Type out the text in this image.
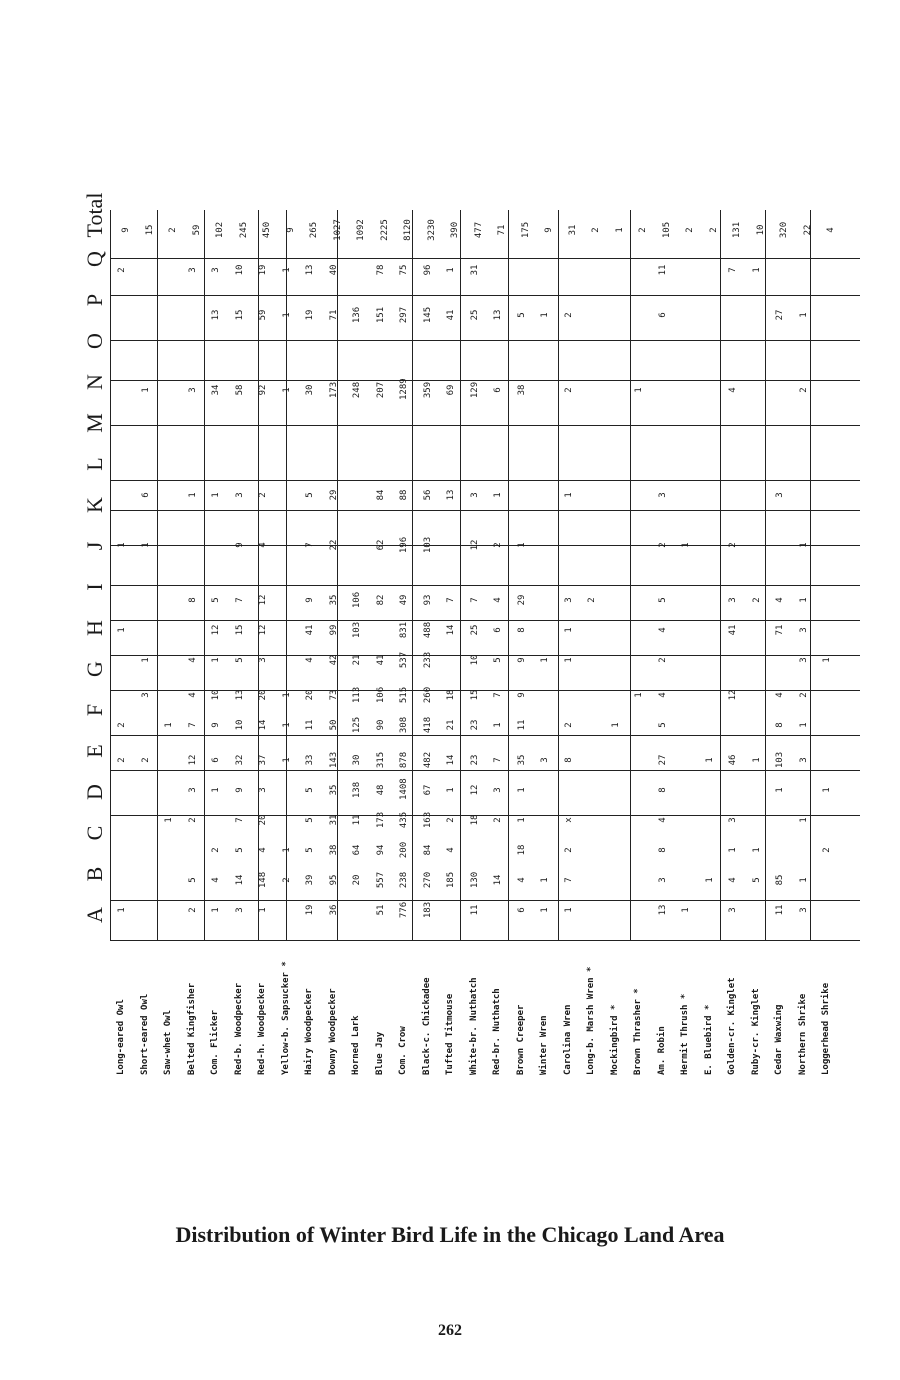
A
B
C
D
E
F
G
H
I
J
K
L
M
N
O
P
Q
Total
Long-eared Owl
1
2
2
1
1
2
9
Short-eared Owl
2
3
1
1
6
1
15
Saw-whet Owl
1
1
2
Belted Kingfisher
2
5
2
3
12
7
4
4
8
1
3
3
59
Com. Flicker
1
4
2
1
6
9
10
1
12
5
1
34
13
3
102
Red-b. Woodpecker
3
14
5
7
9
32
10
13
5
15
7
9
3
58
15
10
245
Red-h. Woodpecker
1
148
4
20
3
37
14
20
3
12
12
4
2
92
59
19
450
Yellow-b. Sapsucker *
2
1
1
1
1
1
1
1
9
Hairy Woodpecker
19
39
5
5
5
33
11
20
4
41
9
7
5
30
19
13
265
Downy Woodpecker
36
95
38
31
35
143
50
73
42
99
35
22
29
173
71
40
1027
Horned Lark
20
64
11
138
30
125
113
21
103
106
248
136
1092
Blue Jay
51
557
94
173
48
315
90
106
41
82
62
84
207
151
78
2225
Com. Crow
776
238
200
435
1408
878
308
515
537
831
49
196
88
1289
297
75
8120
Black-c. Chickadee
183
270
84
163
67
482
418
260
233
488
93
103
56
359
145
96
3230
Tufted Titmouse
185
4
2
1
14
21
18
14
7
13
69
41
1
390
White-br. Nuthatch
11
130
18
12
23
23
15
10
25
7
12
3
129
25
31
477
Red-br. Nuthatch
14
2
3
7
1
7
5
6
4
2
1
6
13
71
Brown Creeper
6
4
18
1
1
35
11
9
9
8
29
1
38
5
175
Winter Wren
1
1
3
1
1
9
Carolina Wren
1
7
2
x
8
2
1
1
3
1
2
2
31
Long-b. Marsh Wren *
2
2
Mockingbird *
1
1
Brown Thrasher *
1
1
2
Am. Robin
13
3
8
4
8
27
5
4
2
4
5
2
3
6
11
105
Hermit Thrush *
1
1
2
E. Bluebird *
1
1
2
Golden-cr. Kinglet
3
4
1
3
46
12
41
3
2
4
7
131
Ruby-cr. Kinglet
5
1
1
2
1
10
Cedar Waxwing
11
85
1
103
8
4
71
4
3
27
320
Northern Shrike
3
1
1
3
1
2
3
3
1
1
2
1
22
Loggerhead Shrike
2
1
1
4
Distribution of Winter Bird Life in the Chicago Land Area
262
